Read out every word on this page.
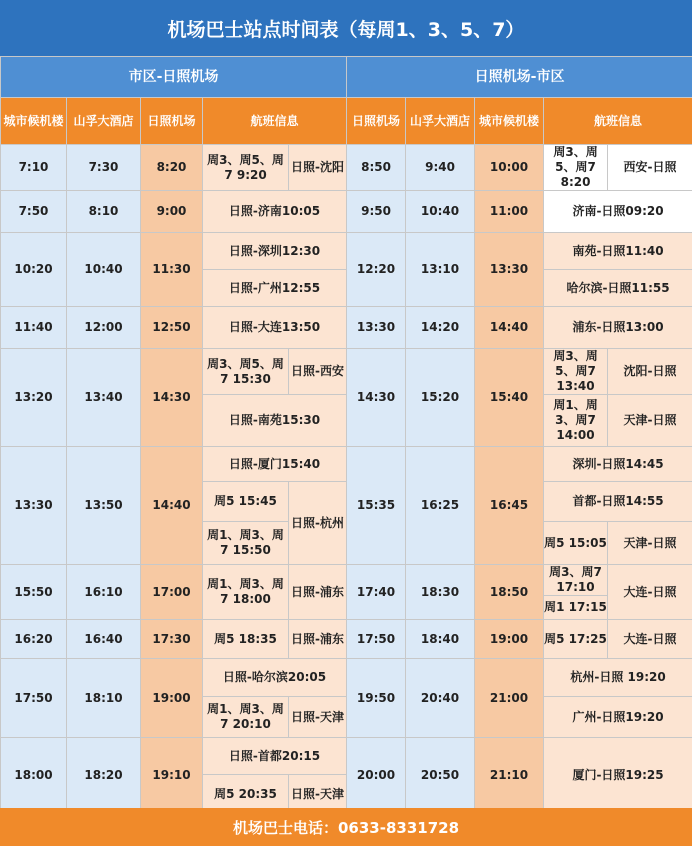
机场巴士站点时间表（每周1、3、5、7）
市区-日照机场					日照机场-市区				
城市候机楼	山孚大酒店	日照机场	航班信息		日照机场	山孚大酒店	城市候机楼	航班信息	
7:10	7:30	8:20	周3、周5、周7 9:20	日照-沈阳	8:50	9:40	10:00	周3、周5、周7 8:20	西安-日照
7:50	8:10	9:00	日照-济南10:05		9:50	10:40	11:00	济南-日照09:20	
10:20	10:40	11:30	日照-深圳12:30		12:20	13:10	13:30	南苑-日照11:40	
			日照-广州12:55					哈尔滨-日照11:55	
11:40	12:00	12:50	日照-大连13:50		13:30	14:20	14:40	浦东-日照13:00	
13:20	13:40	14:30	周3、周5、周7 15:30	日照-西安	14:30	15:20	15:40	周3、周5、周7 13:40	沈阳-日照
			日照-南苑15:30					周1、周3、周7 14:00	天津-日照
13:30	13:50	14:40	日照-厦门15:40		15:35	16:25	16:45	深圳-日照14:45	
			周5 15:45	日照-杭州				首都-日照14:55	
			周1、周3、周7 15:50					周5 15:05	天津-日照
15:50	16:10	17:00	周1、周3、周7 18:00	日照-浦东	17:40	18:30	18:50	周3、周7 17:10	大连-日照
								周1 17:15	
16:20	16:40	17:30	周5 18:35	日照-浦东	17:50	18:40	19:00	周5 17:25	大连-日照
17:50	18:10	19:00	日照-哈尔滨20:05		19:50	20:40	21:00	杭州-日照 19:20	
			周1、周3、周7 20:10	日照-天津				广州-日照19:20	
18:00	18:20	19:10	日照-首都20:15		20:00	20:50	21:10	厦门-日照19:25	
			周5 20:35	日照-天津					
机场巴士电话：0633-8331728
